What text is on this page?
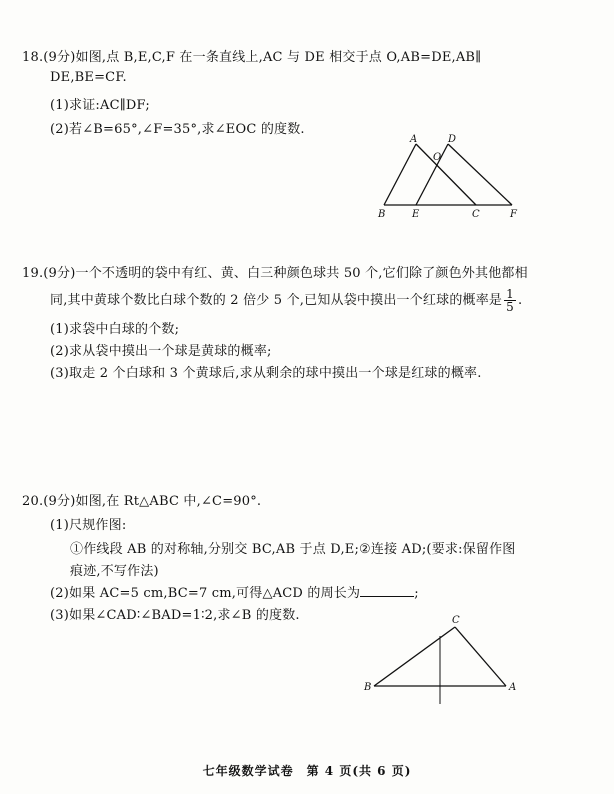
18.(9分)如图,点 B,E,C,F 在一条直线上,AC 与 DE 相交于点 O,AB=DE,AB∥
DE,BE=CF.
(1)求证:AC∥DF;
(2)若∠B=65°,∠F=35°,求∠EOC 的度数.
A	D
O
B	E	C	F
19.(9分)一个不透明的袋中有红、黄、白三种颜色球共 50 个,它们除了颜色外其他都相
同,其中黄球个数比白球个数的 2 倍少 5 个,已知从袋中摸出一个红球的概率是 $\frac{1}{5}$ .
(1)求袋中白球的个数;
(2)求从袋中摸出一个球是黄球的概率;
(3)取走 2 个白球和 3 个黄球后,求从剩余的球中摸出一个球是红球的概率.
20.(9分)如图,在 Rt△ABC 中,∠C=90°.
(1)尺规作图:
①作线段 AB 的对称轴,分别交 BC,AB 于点 D,E;②连接 AD;(要求:保留作图
痕迹,不写作法)
(2)如果 AC=5 cm,BC=7 cm,可得△ACD 的周长为	;
(3)如果∠CAD∶∠BAD=1∶2,求∠B 的度数.	C
B	A
七年级数学试卷　第 4 页(共 6 页)
